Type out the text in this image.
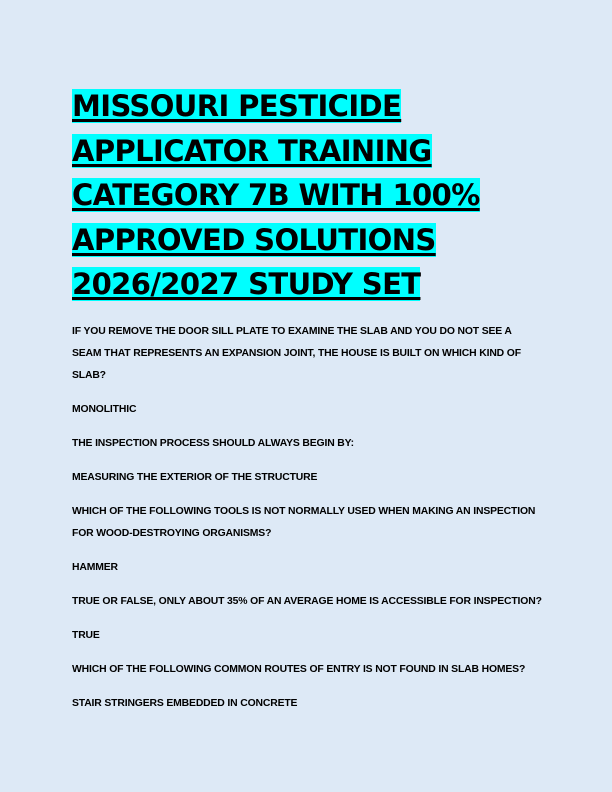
MISSOURI PESTICIDE
APPLICATOR TRAINING
CATEGORY 7B WITH 100%
APPROVED SOLUTIONS
2026/2027 STUDY SET

IF YOU REMOVE THE DOOR SILL PLATE TO EXAMINE THE SLAB AND YOU DO NOT SEE A SEAM THAT REPRESENTS AN EXPANSION JOINT, THE HOUSE IS BUILT ON WHICH KIND OF SLAB?

MONOLITHIC

THE INSPECTION PROCESS SHOULD ALWAYS BEGIN BY:

MEASURING THE EXTERIOR OF THE STRUCTURE

WHICH OF THE FOLLOWING TOOLS IS NOT NORMALLY USED WHEN MAKING AN INSPECTION FOR WOOD-DESTROYING ORGANISMS?

HAMMER

TRUE OR FALSE, ONLY ABOUT 35% OF AN AVERAGE HOME IS ACCESSIBLE FOR INSPECTION?

TRUE

WHICH OF THE FOLLOWING COMMON ROUTES OF ENTRY IS NOT FOUND IN SLAB HOMES?

STAIR STRINGERS EMBEDDED IN CONCRETE
